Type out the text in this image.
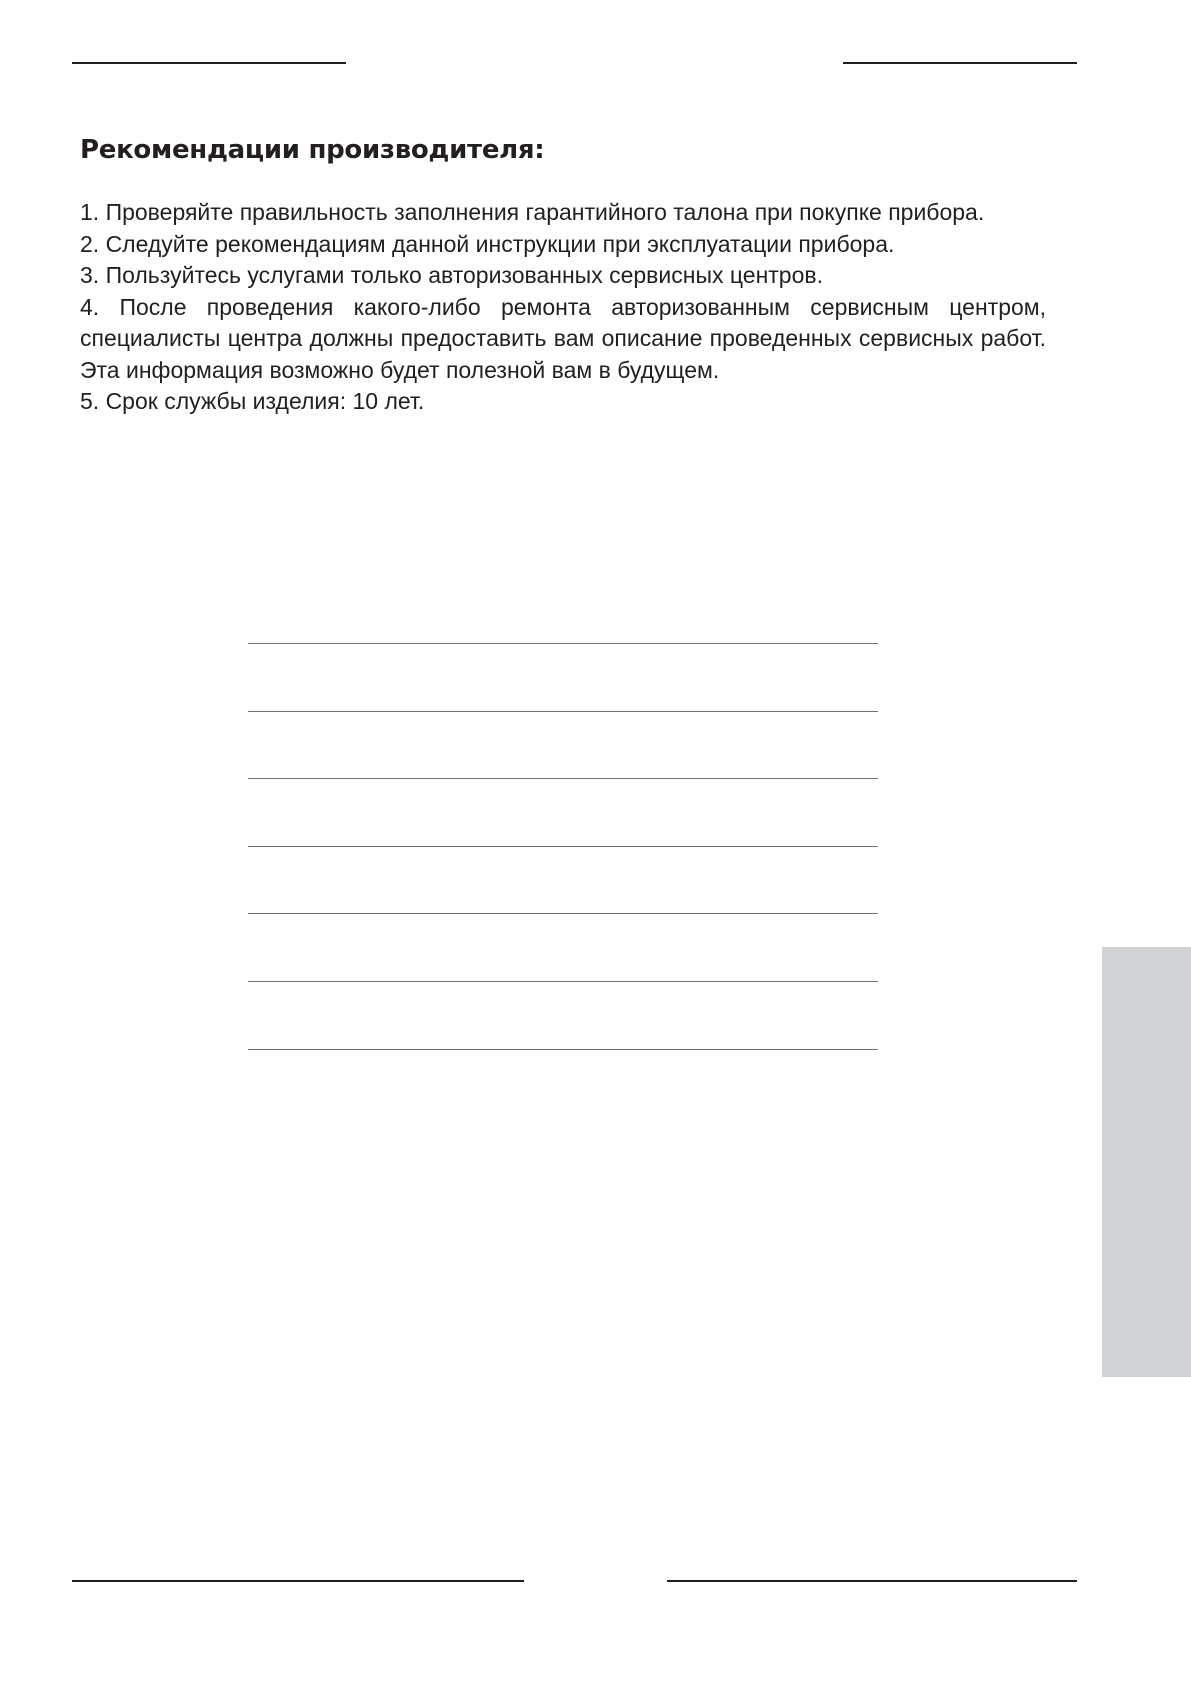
Рекомендации производителя:
1. Проверяйте правильность заполнения гарантийного талона при покупке прибора.
2. Следуйте рекомендациям данной инструкции при эксплуатации прибора.
3. Пользуйтесь услугами только авторизованных сервисных центров.
4. После проведения какого-либо ремонта авторизованным сервисным центром, специалисты центра должны предоставить вам описание проведенных сервисных работ. Эта информация возможно будет полезной вам в будущем.
5. Срок службы изделия: 10 лет.
